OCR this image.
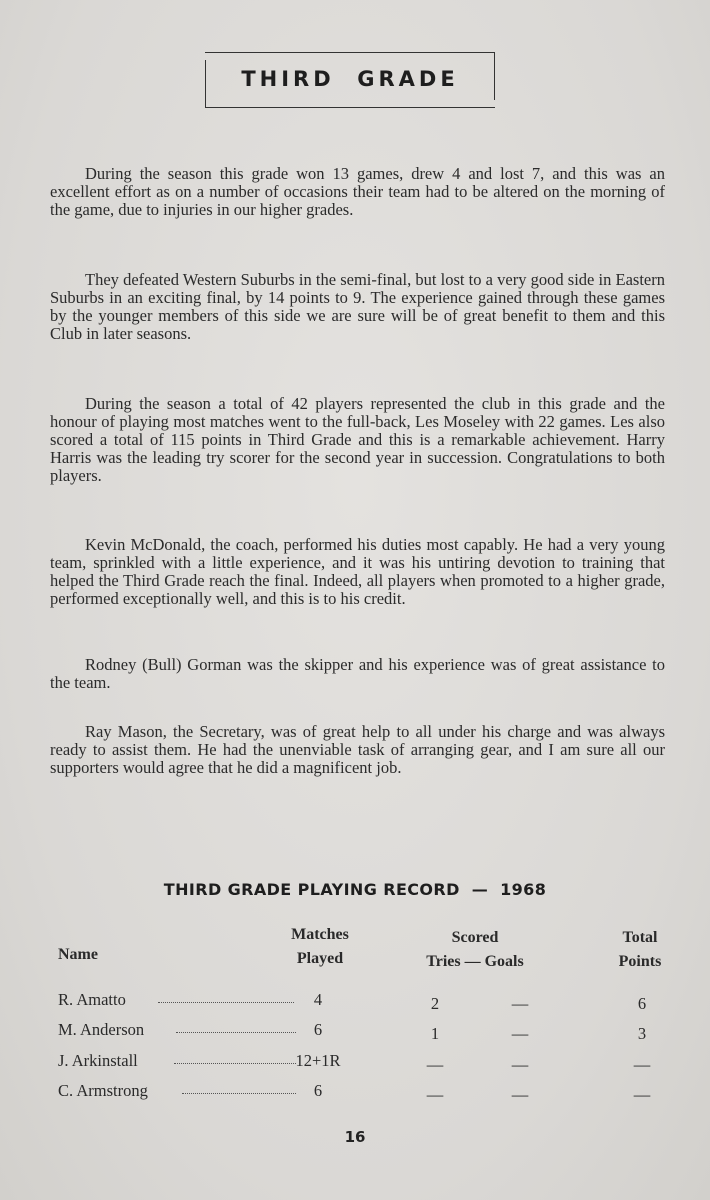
THIRD  GRADE

During the season this grade won 13 games, drew 4 and lost 7, and this was an excellent effort as on a number of occasions their team had to be altered on the morning of the game, due to injuries in our higher grades.

They defeated Western Suburbs in the semi-final, but lost to a very good side in Eastern Suburbs in an exciting final, by 14 points to 9. The experience gained through these games by the younger members of this side we are sure will be of great benefit to them and this Club in later seasons.

During the season a total of 42 players represented the club in this grade and the honour of playing most matches went to the full-back, Les Moseley with 22 games. Les also scored a total of 115 points in Third Grade and this is a remarkable achievement. Harry Harris was the leading try scorer for the second year in succession. Congratulations to both players.

Kevin McDonald, the coach, performed his duties most capably. He had a very young team, sprinkled with a little experience, and it was his untiring devotion to training that helped the Third Grade reach the final. Indeed, all players when promoted to a higher grade, performed exceptionally well, and this is to his credit.

Rodney (Bull) Gorman was the skipper and his experience was of great assistance to the team.

Ray Mason, the Secretary, was of great help to all under his charge and was always ready to assist them. He had the unenviable task of arranging gear, and I am sure all our supporters would agree that he did a magnificent job.

THIRD GRADE PLAYING RECORD  —  1968
Name
Matches
Played
Scored
Tries — Goals
Total
Points
R. Amatto	4	2	—	6
M. Anderson	6	1	—	3
J. Arkinstall	12+1R	—	—	—
C. Armstrong	6	—	—	—
16
